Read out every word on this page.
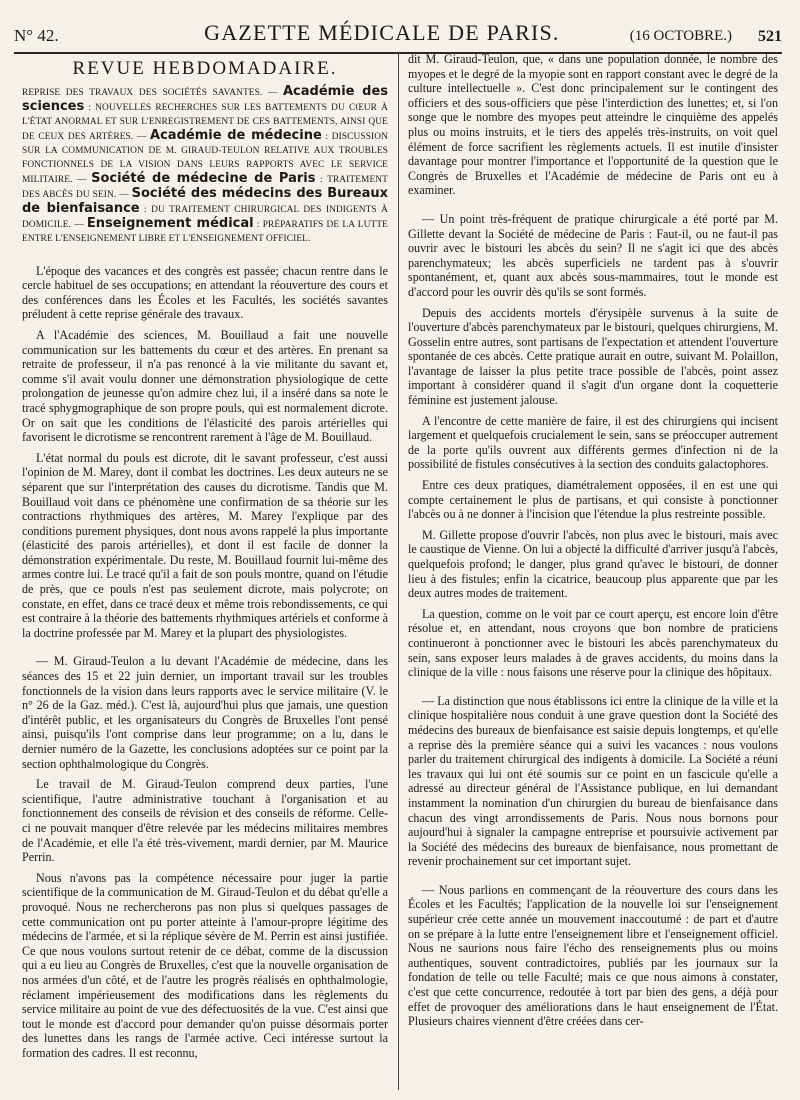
N° 42.	GAZETTE MÉDICALE DE PARIS.	(16 OCTOBRE.) 521
REVUE HEBDOMADAIRE.
REPRISE DES TRAVAUX DES SOCIÉTÉS SAVANTES. — Académie des sciences : NOUVELLES RECHERCHES SUR LES BATTEMENTS DU CŒUR À L'ÉTAT ANORMAL ET SUR L'ENREGISTREMENT DE CES BATTEMENTS, AINSI QUE DE CEUX DES ARTÈRES. — Académie de médecine : DISCUSSION SUR LA COMMUNICATION DE M. GIRAUD-TEULON RELATIVE AUX TROUBLES FONCTIONNELS DE LA VISION DANS LEURS RAPPORTS AVEC LE SERVICE MILITAIRE. — Société de médecine de Paris : TRAITEMENT DES ABCÈS DU SEIN. — Société des médecins des Bureaux de bienfaisance : DU TRAITEMENT CHIRURGICAL DES INDIGENTS À DOMICILE. — Enseignement médical : PRÉPARATIFS DE LA LUTTE ENTRE L'ENSEIGNEMENT LIBRE ET L'ENSEIGNEMENT OFFICIEL.

L'époque des vacances et des congrès est passée; chacun rentre dans le cercle habituel de ses occupations; en attendant la réouverture des cours et des conférences dans les Écoles et les Facultés, les sociétés savantes préludent à cette reprise générale des travaux.

A l'Académie des sciences, M. Bouillaud a fait une nouvelle communication sur les battements du cœur et des artères. En prenant sa retraite de professeur, il n'a pas renoncé à la vie militante du savant et, comme s'il avait voulu donner une démonstration physiologique de cette prolongation de jeunesse qu'on admire chez lui, il a inséré dans sa note le tracé sphygmographique de son propre pouls, qui est normalement dicrote. Or on sait que les conditions de l'élasticité des parois artérielles qui favorisent le dicrotisme se rencontrent rarement à l'âge de M. Bouillaud.

L'état normal du pouls est dicrote, dit le savant professeur, c'est aussi l'opinion de M. Marey, dont il combat les doctrines. Les deux auteurs ne se séparent que sur l'interprétation des causes du dicrotisme. Tandis que M. Bouillaud voit dans ce phénomène une confirmation de sa théorie sur les contractions rhythmiques des artères, M. Marey l'explique par des conditions purement physiques, dont nous avons rappelé la plus importante (élasticité des parois artérielles), et dont il est facile de donner la démonstration expérimentale. Du reste, M. Bouillaud fournit lui-même des armes contre lui. Le tracé qu'il a fait de son pouls montre, quand on l'étudie de près, que ce pouls n'est pas seulement dicrote, mais polycrote; on constate, en effet, dans ce tracé deux et même trois rebondissements, ce qui est contraire à la théorie des battements rhythmiques artériels et conforme à la doctrine professée par M. Marey et la plupart des physiologistes.

— M. Giraud-Teulon a lu devant l'Académie de médecine, dans les séances des 15 et 22 juin dernier, un important travail sur les troubles fonctionnels de la vision dans leurs rapports avec le service militaire (V. le n° 26 de la Gaz. méd.). C'est là, aujourd'hui plus que jamais, une question d'intérêt public, et les organisateurs du Congrès de Bruxelles l'ont pensé ainsi, puisqu'ils l'ont comprise dans leur programme; on a lu, dans le dernier numéro de la Gazette, les conclusions adoptées sur ce point par la section ophthalmologique du Congrès.

Le travail de M. Giraud-Teulon comprend deux parties, l'une scientifique, l'autre administrative touchant à l'organisation et au fonctionnement des conseils de révision et des conseils de réforme. Celle-ci ne pouvait manquer d'être relevée par les médecins militaires membres de l'Académie, et elle l'a été très-vivement, mardi dernier, par M. Maurice Perrin.

Nous n'avons pas la compétence nécessaire pour juger la partie scientifique de la communication de M. Giraud-Teulon et du débat qu'elle a provoqué. Nous ne rechercherons pas non plus si quelques passages de cette communication ont pu porter atteinte à l'amour-propre légitime des médecins de l'armée, et si la réplique sévère de M. Perrin est ainsi justifiée. Ce que nous voulons surtout retenir de ce débat, comme de la discussion qui a eu lieu au Congrès de Bruxelles, c'est que la nouvelle organisation de nos armées d'un côté, et de l'autre les progrès réalisés en ophthalmologie, réclament impérieusement des modifications dans les règlements du service militaire au point de vue des défectuosités de la vue. C'est ainsi que tout le monde est d'accord pour demander qu'on puisse désormais porter des lunettes dans les rangs de l'armée active. Ceci intéresse surtout la formation des cadres. Il est reconnu,

dit M. Giraud-Teulon, que, « dans une population donnée, le nombre des myopes et le degré de la myopie sont en rapport constant avec le degré de la culture intellectuelle ». C'est donc principalement sur le contingent des officiers et des sous-officiers que pèse l'interdiction des lunettes; et, si l'on songe que le nombre des myopes peut atteindre le cinquième des appelés plus ou moins instruits, et le tiers des appelés très-instruits, on voit quel élément de force sacrifient les règlements actuels. Il est inutile d'insister davantage pour montrer l'importance et l'opportunité de la question que le Congrès de Bruxelles et l'Académie de médecine de Paris ont eu à examiner.

— Un point très-fréquent de pratique chirurgicale a été porté par M. Gillette devant la Société de médecine de Paris : Faut-il, ou ne faut-il pas ouvrir avec le bistouri les abcès du sein? Il ne s'agit ici que des abcès parenchymateux; les abcès superficiels ne tardent pas à s'ouvrir spontanément, et, quant aux abcès sous-mammaires, tout le monde est d'accord pour les ouvrir dès qu'ils se sont formés.

Depuis des accidents mortels d'érysipèle survenus à la suite de l'ouverture d'abcès parenchymateux par le bistouri, quelques chirurgiens, M. Gosselin entre autres, sont partisans de l'expectation et attendent l'ouverture spontanée de ces abcès. Cette pratique aurait en outre, suivant M. Polaillon, l'avantage de laisser la plus petite trace possible de l'abcès, point assez important à considérer quand il s'agit d'un organe dont la coquetterie féminine est justement jalouse.

A l'encontre de cette manière de faire, il est des chirurgiens qui incisent largement et quelquefois crucialement le sein, sans se préoccuper autrement de la porte qu'ils ouvrent aux différents germes d'infection ni de la possibilité de fistules consécutives à la section des conduits galactophores.

Entre ces deux pratiques, diamétralement opposées, il en est une qui compte certainement le plus de partisans, et qui consiste à ponctionner l'abcès ou à ne donner à l'incision que l'étendue la plus restreinte possible.

M. Gillette propose d'ouvrir l'abcès, non plus avec le bistouri, mais avec le caustique de Vienne. On lui a objecté la difficulté d'arriver jusqu'à l'abcès, quelquefois profond; le danger, plus grand qu'avec le bistouri, de donner lieu à des fistules; enfin la cicatrice, beaucoup plus apparente que par les deux autres modes de traitement.

La question, comme on le voit par ce court aperçu, est encore loin d'être résolue et, en attendant, nous croyons que bon nombre de praticiens continueront à ponctionner avec le bistouri les abcès parenchymateux du sein, sans exposer leurs malades à de graves accidents, du moins dans la clinique de la ville : nous faisons une réserve pour la clinique des hôpitaux.

— La distinction que nous établissons ici entre la clinique de la ville et la clinique hospitalière nous conduit à une grave question dont la Société des médecins des bureaux de bienfaisance est saisie depuis longtemps, et qu'elle a reprise dès la première séance qui a suivi les vacances : nous voulons parler du traitement chirurgical des indigents à domicile. La Société a réuni les travaux qui lui ont été soumis sur ce point en un fascicule qu'elle a adressé au directeur général de l'Assistance publique, en lui demandant instamment la nomination d'un chirurgien du bureau de bienfaisance dans chacun des vingt arrondissements de Paris. Nous nous bornons pour aujourd'hui à signaler la campagne entreprise et poursuivie activement par la Société des médecins des bureaux de bienfaisance, nous promettant de revenir prochainement sur cet important sujet.

— Nous parlions en commençant de la réouverture des cours dans les Écoles et les Facultés; l'application de la nouvelle loi sur l'enseignement supérieur crée cette année un mouvement inaccoutumé : de part et d'autre on se prépare à la lutte entre l'enseignement libre et l'enseignement officiel. Nous ne saurions nous faire l'écho des renseignements plus ou moins authentiques, souvent contradictoires, publiés par les journaux sur la fondation de telle ou telle Faculté; mais ce que nous aimons à constater, c'est que cette concurrence, redoutée à tort par bien des gens, a déjà pour effet de provoquer des améliorations dans le haut enseignement de l'État. Plusieurs chaires viennent d'être créées dans cer-
